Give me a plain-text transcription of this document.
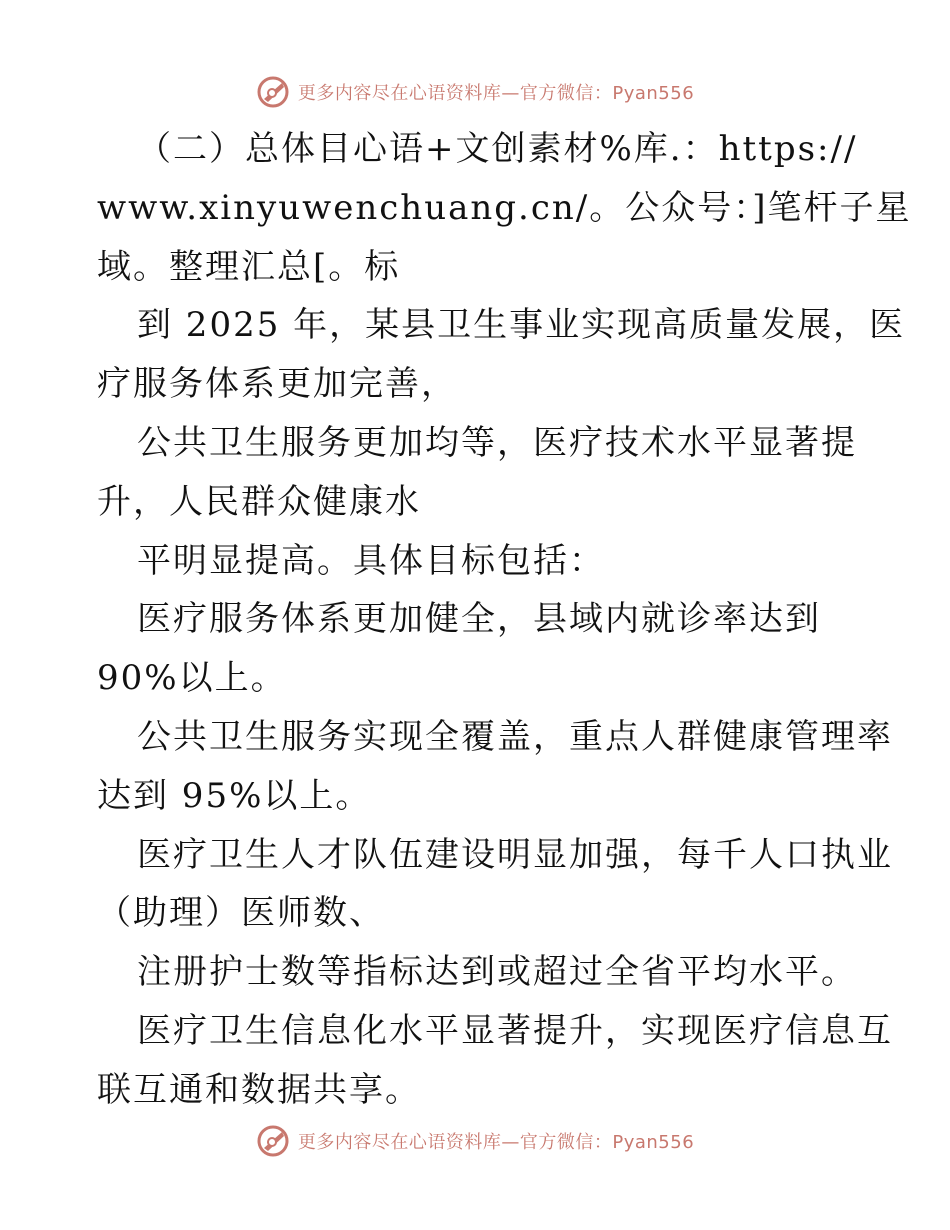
更多内容尽在心语资料库—官方微信：Pyan556
（二）总体目心语+文创素材%库.：https://
www.xinyuwenchuang.cn/。公众号：]笔杆子星
域。整理汇总[。标
到 2025 年，某县卫生事业实现高质量发展，医
疗服务体系更加完善，
公共卫生服务更加均等，医疗技术水平显著提
升，人民群众健康水
平明显提高。具体目标包括：
医疗服务体系更加健全，县域内就诊率达到
90%以上。
公共卫生服务实现全覆盖，重点人群健康管理率
达到 95%以上。
医疗卫生人才队伍建设明显加强，每千人口执业
（助理）医师数、
注册护士数等指标达到或超过全省平均水平。
医疗卫生信息化水平显著提升，实现医疗信息互
联互通和数据共享。
更多内容尽在心语资料库—官方微信：Pyan556
